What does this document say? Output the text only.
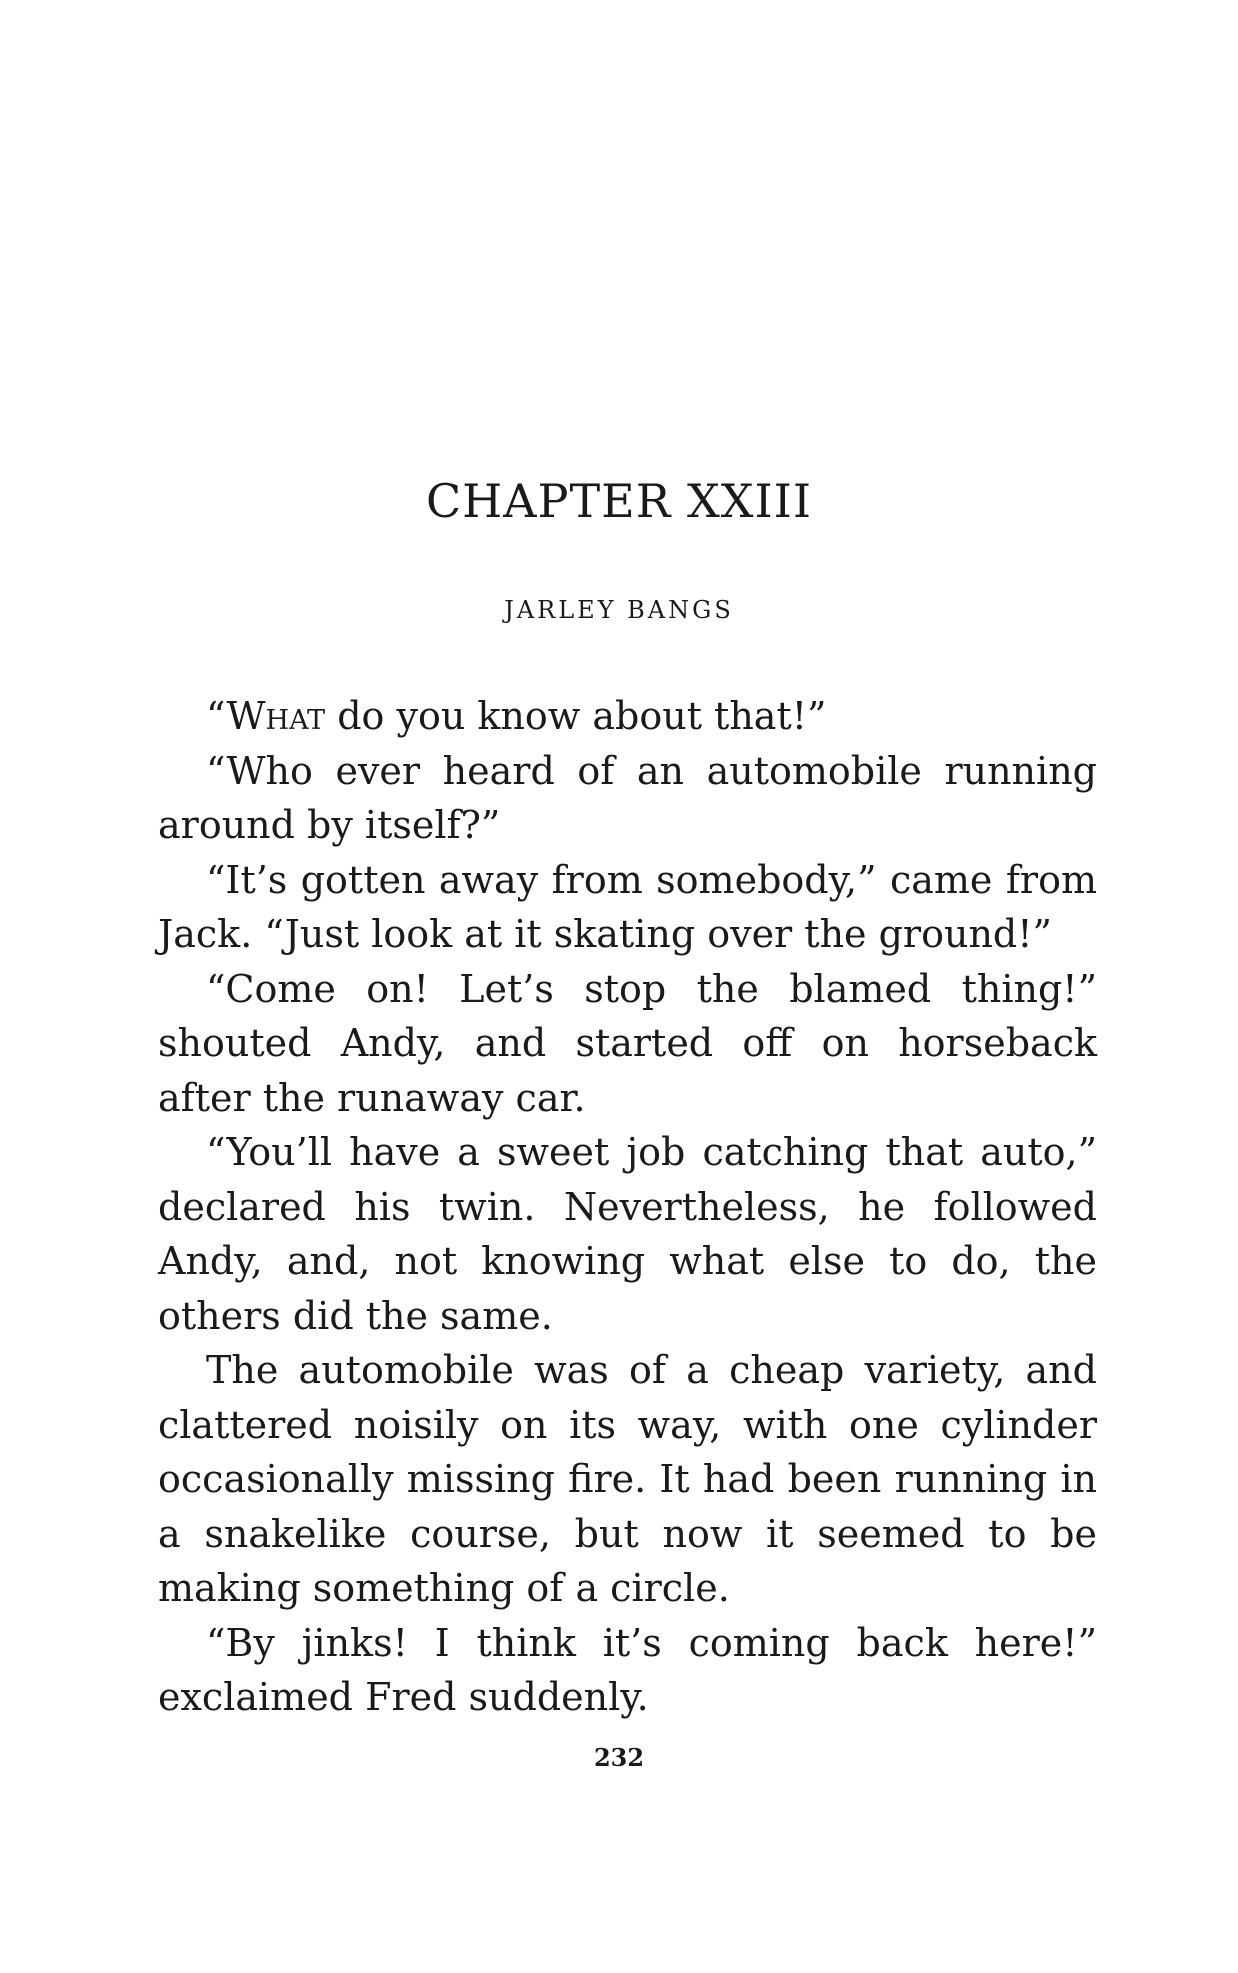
CHAPTER XXIII
JARLEY BANGS

“What do you know about that!”

“Who ever heard of an automobile running around by itself?”

“It’s gotten away from somebody,” came from Jack. “Just look at it skating over the ground!”

“Come on! Let’s stop the blamed thing!” shouted Andy, and started off on horseback after the runaway car.

“You’ll have a sweet job catching that auto,” declared his twin. Nevertheless, he followed Andy, and, not knowing what else to do, the others did the same.

The automobile was of a cheap variety, and clattered noisily on its way, with one cylinder occasionally missing fire. It had been running in a snakelike course, but now it seemed to be making something of a circle.

“By jinks! I think it’s coming back here!” exclaimed Fred suddenly.

232
